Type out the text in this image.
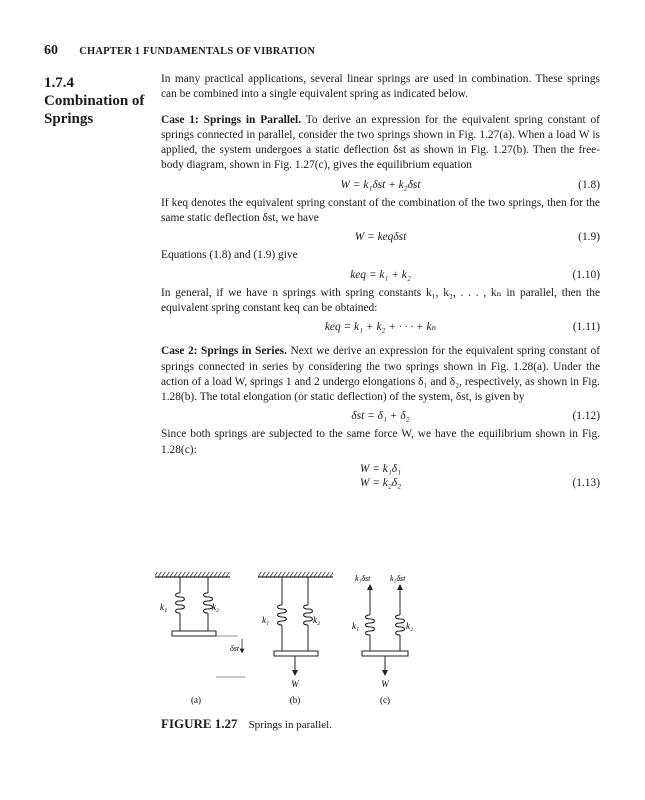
60 CHAPTER 1 FUNDAMENTALS OF VIBRATION
1.7.4
Combination of Springs

In many practical applications, several linear springs are used in combination. These springs can be combined into a single equivalent spring as indicated below.

Case 1: Springs in Parallel. To derive an expression for the equivalent spring constant of springs connected in parallel, consider the two springs shown in Fig. 1.27(a). When a load W is applied, the system undergoes a static deflection δst as shown in Fig. 1.27(b). Then the free-body diagram, shown in Fig. 1.27(c), gives the equilibrium equation

W = k₁δst + k₂δst	(1.8)

If keq denotes the equivalent spring constant of the combination of the two springs, then for the same static deflection δst, we have

W = keqδst	(1.9)

Equations (1.8) and (1.9) give

keq = k₁ + k₂	(1.10)

In general, if we have n springs with spring constants k₁, k₂, . . . , kₙ in parallel, then the equivalent spring constant keq can be obtained:

keq = k₁ + k₂ + · · · + kₙ	(1.11)

Case 2: Springs in Series. Next we derive an expression for the equivalent spring constant of springs connected in series by considering the two springs shown in Fig. 1.28(a). Under the action of a load W, springs 1 and 2 undergo elongations δ₁ and δ₂, respectively, as shown in Fig. 1.28(b). The total elongation (or static deflection) of the system, δst, is given by

δst = δ₁ + δ₂	(1.12)

Since both springs are subjected to the same force W, we have the equilibrium shown in Fig. 1.28(c):

W = k₁δ₁
W = k₂δ₂	(1.13)
k₁	k₂
δst
(a)
k₁	k₂
W
(b)
k₁δst k₂δst
k₁	k₂
W
(c)
FIGURE 1.27 Springs in parallel.
